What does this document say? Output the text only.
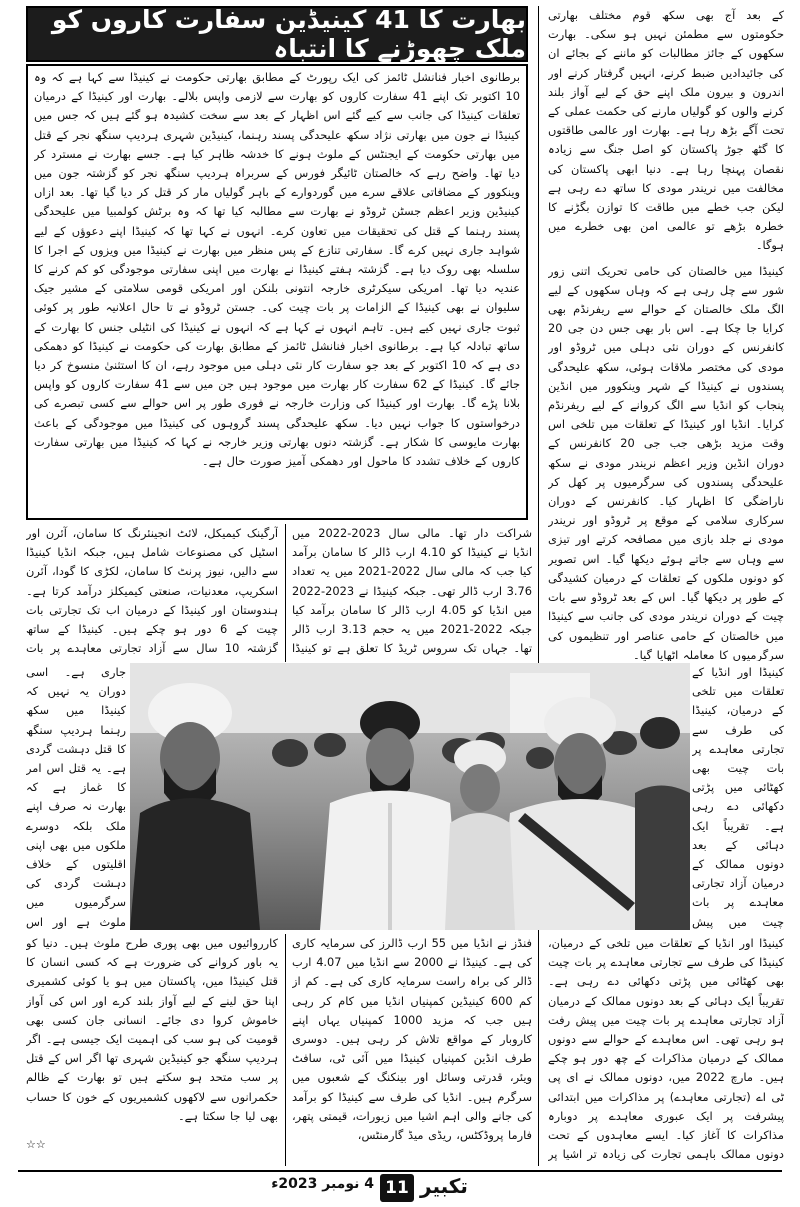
بھارت کا 41 کینیڈین سفارت کاروں کو ملک چھوڑنے کا انتباہ

برطانوی اخبار فنانشل ٹائمز کی ایک رپورٹ کے مطابق بھارتی حکومت نے کینیڈا سے کہا ہے کہ وہ 10 اکتوبر تک اپنے 41 سفارت کاروں کو بھارت سے لازمی واپس بلالے۔ بھارت اور کینیڈا کے درمیان تعلقات کینیڈا کی جانب سے کیے گئے اس اظہار کے بعد سے سخت کشیدہ ہو گئے ہیں کہ جس میں کینیڈا نے جون میں بھارتی نژاد سکھ علیحدگی پسند رہنما، کینیڈین شہری ہردیپ سنگھ نجر کے قتل میں بھارتی حکومت کے ایجنٹس کے ملوث ہونے کا خدشہ ظاہر کیا ہے۔ جسے بھارت نے مسترد کر دیا تھا۔ واضح رہے کہ خالصتان ٹائیگر فورس کے سربراہ ہردیپ سنگھ نجر کو گزشتہ جون میں وینکوور کے مضافاتی علاقے سرے میں گوردوارے کے باہر گولیاں مار کر قتل کر دیا گیا تھا۔ بعد ازاں کینیڈین وزیر اعظم جسٹن ٹروڈو نے بھارت سے مطالبہ کیا تھا کہ وہ برٹش کولمبیا میں علیحدگی پسند رہنما کے قتل کی تحقیقات میں تعاون کرے۔ انہوں نے کہا تھا کہ کینیڈا اپنے دعوؤں کے لیے شواہد جاری نہیں کرے گا۔ سفارتی تنازع کے پس منظر میں بھارت نے کینیڈا میں ویزوں کے اجرا کا سلسلہ بھی روک دیا ہے۔ گزشتہ ہفتے کینیڈا نے بھارت میں اپنی سفارتی موجودگی کو کم کرنے کا عندیہ دیا تھا۔ امریکی سیکرٹری خارجہ انتونی بلنکن اور امریکی قومی سلامتی کے مشیر جیک سلیوان نے بھی کینیڈا کے الزامات پر بات چیت کی۔ جستن ٹروڈو نے تا حال اعلانیہ طور پر کوئی ثبوت جاری نہیں کیے ہیں۔ تاہم انہوں نے کہا ہے کہ انہوں نے کینیڈا کی انٹیلی جنس کا بھارت کے ساتھ تبادلہ کیا ہے۔ برطانوی اخبار فنانشل ٹائمز کے مطابق بھارت کی حکومت نے کینیڈا کو دھمکی دی ہے کہ 10 اکتوبر کے بعد جو سفارت کار نئی دہلی میں موجود رہے، ان کا استثنیٰ منسوخ کر دیا جائے گا۔ کینیڈا کے 62 سفارت کار بھارت میں موجود ہیں جن میں سے 41 سفارت کاروں کو واپس بلانا پڑے گا۔ بھارت اور کینیڈا کی وزارت خارجہ نے فوری طور پر اس حوالے سے کسی تبصرے کی درخواستوں کا جواب نہیں دیا۔ سکھ علیحدگی پسند گروہوں کی کینیڈا میں موجودگی کے باعث بھارت مایوسی کا شکار ہے۔ گزشتہ دنوں بھارتی وزیر خارجہ نے کہا کہ کینیڈا میں بھارتی سفارت کاروں کے خلاف تشدد کا ماحول اور دھمکی آمیز صورت حال ہے۔

کے بعد آج بھی سکھ قوم مختلف بھارتی حکومتوں سے مطمئن نہیں ہو سکی۔ بھارت سکھوں کے جائز مطالبات کو ماننے کے بجائے ان کی جائیدادیں ضبط کرنے، انہیں گرفتار کرنے اور اندرون و بیرون ملک اپنے حق کے لیے آواز بلند کرنے والوں کو گولیاں مارنے کی حکمت عملی کے تحت آگے بڑھ رہا ہے۔ بھارت اور عالمی طاقتوں کا گٹھ جوڑ پاکستان کو اصل جنگ سے زیادہ نقصان پہنچا رہا ہے۔ دنیا ابھی پاکستان کی مخالفت میں نریندر مودی کا ساتھ دے رہی ہے لیکن جب خطے میں طاقت کا توازن بگڑنے کا خطرہ بڑھے تو عالمی امن بھی خطرے میں ہوگا۔

کینیڈا میں خالصتان کی حامی تحریک اتنی زور شور سے چل رہی ہے کہ وہاں سکھوں کے لیے الگ ملک خالصتان کے حوالے سے ریفرنڈم بھی کرایا جا چکا ہے۔ اس بار بھی جس دن جی 20 کانفرنس کے دوران نئی دہلی میں ٹروڈو اور مودی کی مختصر ملاقات ہوئی، سکھ علیحدگی پسندوں نے کینیڈا کے شہر وینکوور میں انڈین پنجاب کو انڈیا سے الگ کروانے کے لیے ریفرنڈم کرایا۔ انڈیا اور کینیڈا کے تعلقات میں تلخی اس وقت مزید بڑھی جب جی 20 کانفرنس کے دوران انڈین وزیر اعظم نریندر مودی نے سکھ علیحدگی پسندوں کی سرگرمیوں پر کھل کر ناراضگی کا اظہار کیا۔ کانفرنس کے دوران سرکاری سلامی کے موقع پر ٹروڈو اور نریندر مودی نے جلد بازی میں مصافحہ کرتے اور تیزی سے وہاں سے جاتے ہوئے دیکھا گیا۔ اس تصویر کو دونوں ملکوں کے تعلقات کے درمیان کشیدگی کے طور پر دیکھا گیا۔ اس کے بعد ٹروڈو سے بات چیت کے دوران نریندر مودی کی جانب سے کینیڈا میں خالصتان کے حامی عناصر اور تنظیموں کی سرگرمیوں کا معاملہ اٹھایا گیا۔

کینیڈا اور انڈیا کے تعلقات میں تلخی کے درمیان، کینیڈا کی طرف سے تجارتی معاہدے پر بات چیت بھی کھٹائی میں پڑتی دکھائی دے رہی ہے۔ تقریباً ایک دہائی کے بعد دونوں ممالک کے درمیان آزاد تجارتی معاہدے پر بات چیت میں پیش

کینیڈا اور انڈیا کے تعلقات میں تلخی کے درمیان، کینیڈا کی طرف سے تجارتی معاہدے پر بات چیت بھی کھٹائی میں پڑتی دکھائی دے رہی ہے۔ تقریباً ایک دہائی کے بعد دونوں ممالک کے درمیان آزاد تجارتی معاہدے پر بات چیت میں پیش رفت ہو رہی تھی۔ اس معاہدے کے حوالے سے دونوں ممالک کے درمیان مذاکرات کے چھ دور ہو چکے ہیں۔ مارچ 2022 میں، دونوں ممالک نے ای پی ٹی اے (تجارتی معاہدے) پر مذاکرات میں ابتدائی پیشرفت پر ایک عبوری معاہدے پر دوبارہ مذاکرات کا آغاز کیا۔ ایسے معاہدوں کے تحت دونوں ممالک باہمی تجارت کی زیادہ تر اشیا پر

شراکت دار تھا۔ مالی سال 2023-2022 میں انڈیا نے کینیڈا کو 4.10 ارب ڈالر کا سامان برآمد کیا جب کہ مالی سال 2022-2021 میں یہ تعداد 3.76 ارب ڈالر تھی۔ جبکہ کینیڈا نے 2023-2022 میں انڈیا کو 4.05 ارب ڈالر کا سامان برآمد کیا جبکہ 2022-2021 میں یہ حجم 3.13 ارب ڈالر تھا۔ جہاں تک سروس ٹریڈ کا تعلق ہے تو کینیڈا

فنڈز نے انڈیا میں 55 ارب ڈالرز کی سرمایہ کاری کی ہے۔ کینیڈا نے 2000 سے انڈیا میں 4.07 ارب ڈالر کی براہ راست سرمایہ کاری کی ہے۔ کم از کم 600 کینیڈین کمپنیاں انڈیا میں کام کر رہی ہیں جب کہ مزید 1000 کمپنیاں یہاں اپنے کاروبار کے مواقع تلاش کر رہی ہیں۔ دوسری طرف انڈین کمپنیاں کینیڈا میں آئی ٹی، سافٹ ویئر، قدرتی وسائل اور بینکنگ کے شعبوں میں سرگرم ہیں۔ انڈیا کی طرف سے کینیڈا کو برآمد کی جانے والی اہم اشیا میں زیورات، قیمتی پتھر، فارما پروڈکٹس، ریڈی میڈ گارمنٹس،

آرگینک کیمیکل، لائٹ انجینئرنگ کا سامان، آئرن اور اسٹیل کی مصنوعات شامل ہیں، جبکہ انڈیا کینیڈا سے دالیں، نیوز پرنٹ کا سامان، لکڑی کا گودا، آئرن اسکریپ، معدنیات، صنعتی کیمیکلز درآمد کرتا ہے۔ ہندوستان اور کینیڈا کے درمیان اب تک تجارتی بات چیت کے 6 دور ہو چکے ہیں۔ کینیڈا کے ساتھ گزشتہ 10 سال سے آزاد تجارتی معاہدے پر بات

جاری ہے۔ اسی دوران یہ نہیں کہ کینیڈا میں سکھ رہنما ہردیپ سنگھ کا قتل دہشت گردی ہے۔ یہ قتل اس امر کا غماز ہے کہ بھارت نہ صرف اپنے ملک بلکہ دوسرے ملکوں میں بھی اپنی اقلیتوں کے خلاف دہشت گردی کی سرگرمیوں میں ملوث ہے اور اس

کارروائیوں میں بھی پوری طرح ملوث ہیں۔ دنیا کو یہ باور کروانے کی ضرورت ہے کہ کسی انسان کا قتل کینیڈا میں، پاکستان میں ہو یا کوئی کشمیری اپنا حق لینے کے لیے آواز بلند کرے اور اس کی آواز خاموش کروا دی جائے۔ انسانی جان کسی بھی قومیت کی ہو سب کی اہمیت ایک جیسی ہے۔ اگر ہردیپ سنگھ جو کینیڈین شہری تھا اگر اس کے قتل پر سب متحد ہو سکتے ہیں تو بھارت کے ظالم حکمرانوں سے لاکھوں کشمیریوں کے خون کا حساب بھی لیا جا سکتا ہے۔

☆☆
4 نومبر 2023ء 11 تکبیر
